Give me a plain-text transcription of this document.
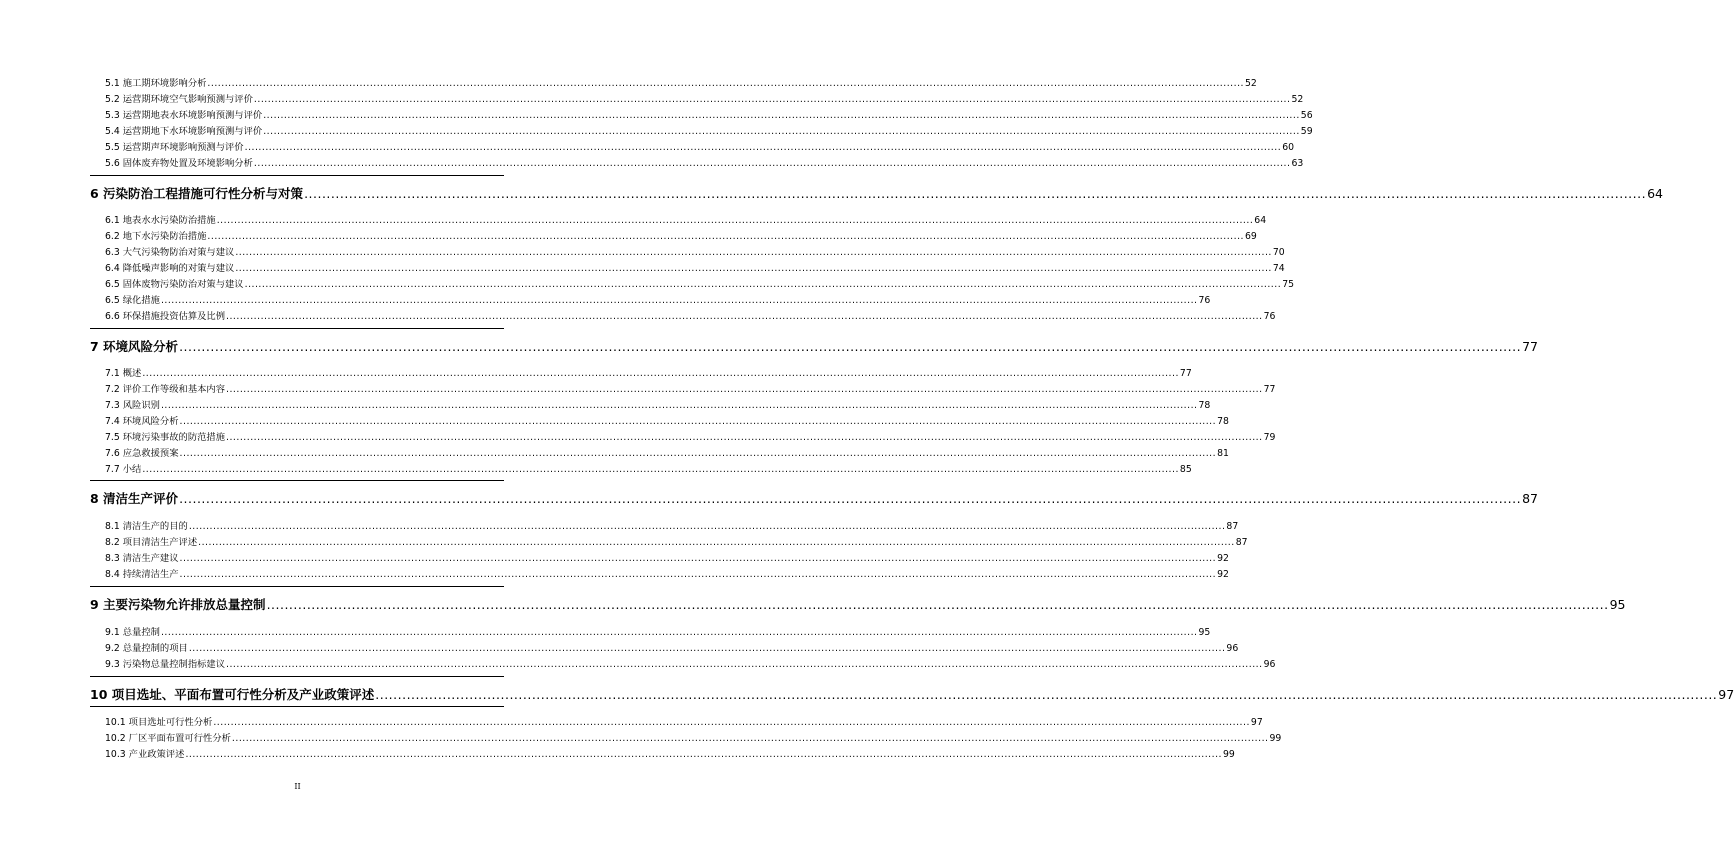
5.1 施工期环境影响分析 ............................................................................................................................................................................................................................................................................................................ 52
5.2 运营期环境空气影响预测与评价 ............................................................................................................................................................................................................................................................................................................ 52
5.3 运营期地表水环境影响预测与评价 ............................................................................................................................................................................................................................................................................................................ 56
5.4 运营期地下水环境影响预测与评价 ............................................................................................................................................................................................................................................................................................................ 59
5.5 运营期声环境影响预测与评价 ............................................................................................................................................................................................................................................................................................................ 60
5.6 固体废弃物处置及环境影响分析 ............................................................................................................................................................................................................................................................................................................ 63
6 污染防治工程措施可行性分析与对策 ............................................................................................................................................................................................................................................................................................................ 64
6.1 地表水水污染防治措施 ............................................................................................................................................................................................................................................................................................................ 64
6.2 地下水污染防治措施 ............................................................................................................................................................................................................................................................................................................ 69
6.3 大气污染物防治对策与建议 ............................................................................................................................................................................................................................................................................................................ 70
6.4 降低噪声影响的对策与建议 ............................................................................................................................................................................................................................................................................................................ 74
6.5 固体废物污染防治对策与建议 ............................................................................................................................................................................................................................................................................................................ 75
6.5 绿化措施 ............................................................................................................................................................................................................................................................................................................ 76
6.6 环保措施投资估算及比例 ............................................................................................................................................................................................................................................................................................................ 76
7 环境风险分析 ............................................................................................................................................................................................................................................................................................................ 77
7.1 概述 ............................................................................................................................................................................................................................................................................................................ 77
7.2 评价工作等级和基本内容 ............................................................................................................................................................................................................................................................................................................ 77
7.3 风险识别 ............................................................................................................................................................................................................................................................................................................ 78
7.4 环境风险分析 ............................................................................................................................................................................................................................................................................................................ 78
7.5 环境污染事故的防范措施 ............................................................................................................................................................................................................................................................................................................ 79
7.6 应急救援预案 ............................................................................................................................................................................................................................................................................................................ 81
7.7 小结 ............................................................................................................................................................................................................................................................................................................ 85
8 清洁生产评价 ............................................................................................................................................................................................................................................................................................................ 87
8.1 清洁生产的目的 ............................................................................................................................................................................................................................................................................................................ 87
8.2 项目清洁生产评述 ............................................................................................................................................................................................................................................................................................................ 87
8.3 清洁生产建议 ............................................................................................................................................................................................................................................................................................................ 92
8.4 持续清洁生产 ............................................................................................................................................................................................................................................................................................................ 92
9 主要污染物允许排放总量控制 ............................................................................................................................................................................................................................................................................................................ 95
9.1 总量控制 ............................................................................................................................................................................................................................................................................................................ 95
9.2 总量控制的项目 ............................................................................................................................................................................................................................................................................................................ 96
9.3 污染物总量控制指标建议 ............................................................................................................................................................................................................................................................................................................ 96
10 项目选址、平面布置可行性分析及产业政策评述 ............................................................................................................................................................................................................................................................................................................ 97
10.1 项目选址可行性分析 ............................................................................................................................................................................................................................................................................................................ 97
10.2 厂区平面布置可行性分析 ............................................................................................................................................................................................................................................................................................................ 99
10.3 产业政策评述 ............................................................................................................................................................................................................................................................................................................ 99
II
